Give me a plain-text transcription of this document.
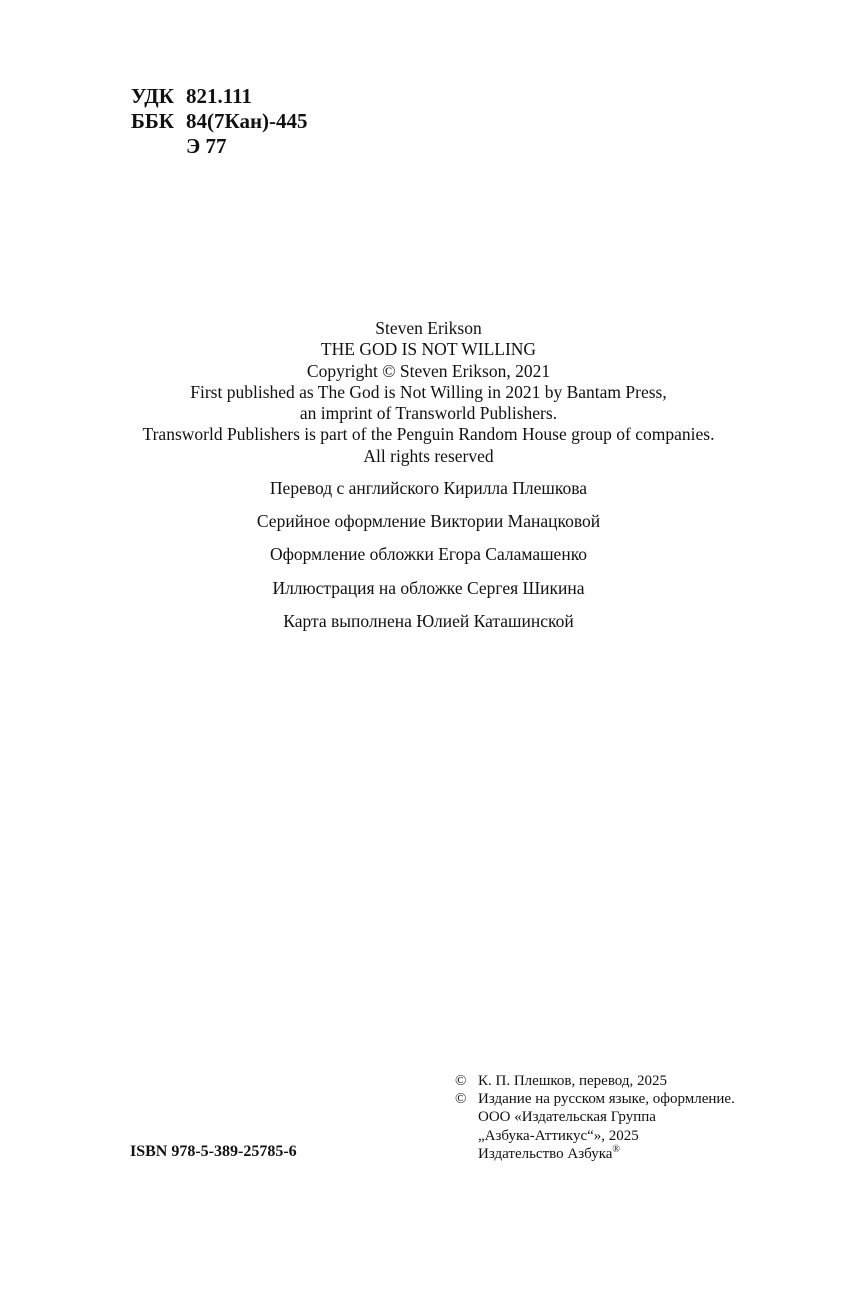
УДК 821.111
ББК 84(7Кан)-445
Э 77
Steven Erikson
THE GOD IS NOT WILLING
Copyright © Steven Erikson, 2021
First published as The God is Not Willing in 2021 by Bantam Press,
an imprint of Transworld Publishers.
Transworld Publishers is part of the Penguin Random House group of companies.
All rights reserved
Перевод с английского Кирилла Плешкова
Серийное оформление Виктории Манацковой
Оформление обложки Егора Саламашенко
Иллюстрация на обложке Сергея Шикина
Карта выполнена Юлией Каташинской
ISBN 978-5-389-25785-6
© К. П. Плешков, перевод, 2025
© Издание на русском языке, оформление.
ООО «Издательская Группа
„Азбука-Аттикус“», 2025
Издательство Азбука®
